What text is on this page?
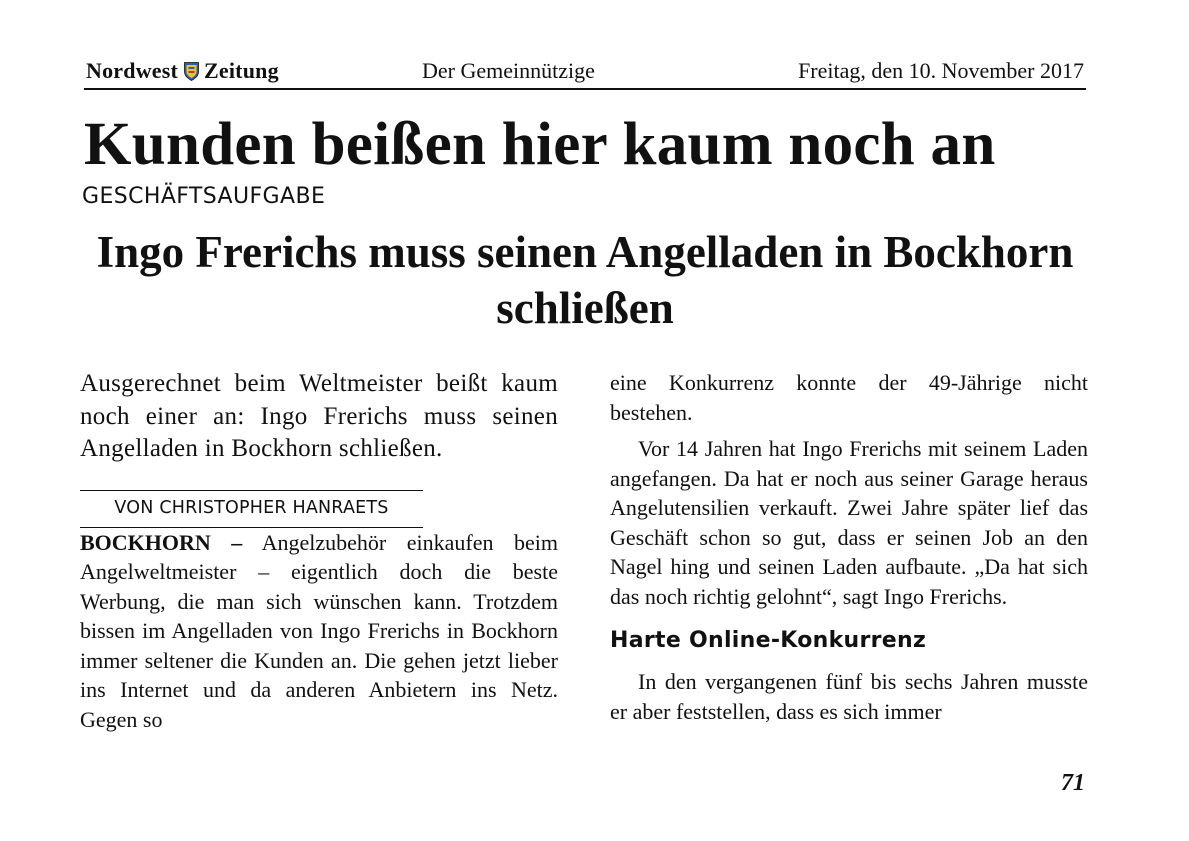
Nordwest Zeitung	Der Gemeinnützige	Freitag, den 10. November 2017
Kunden beißen hier kaum noch an
GESCHÄFTSAUFGABE
Ingo Frerichs muss seinen Angelladen in Bockhorn schließen

Ausgerechnet beim Weltmeister beißt kaum noch einer an: Ingo Frerichs muss seinen Angelladen in Bockhorn schließen.

VON CHRISTOPHER HANRAETS

BOCKHORN – Angelzubehör einkaufen beim Angelweltmeister – eigentlich doch die beste Werbung, die man sich wünschen kann. Trotzdem bissen im Angelladen von Ingo Frerichs in Bockhorn immer seltener die Kunden an. Die gehen jetzt lieber ins Internet und da anderen Anbietern ins Netz. Gegen so

eine Konkurrenz konnte der 49-Jährige nicht bestehen.

Vor 14 Jahren hat Ingo Frerichs mit seinem Laden angefangen. Da hat er noch aus seiner Garage heraus Angelutensilien verkauft. Zwei Jahre später lief das Geschäft schon so gut, dass er seinen Job an den Nagel hing und seinen Laden aufbaute. „Da hat sich das noch richtig gelohnt“, sagt Ingo Frerichs.

Harte Online-Konkurrenz

In den vergangenen fünf bis sechs Jahren musste er aber feststellen, dass es sich immer

71
